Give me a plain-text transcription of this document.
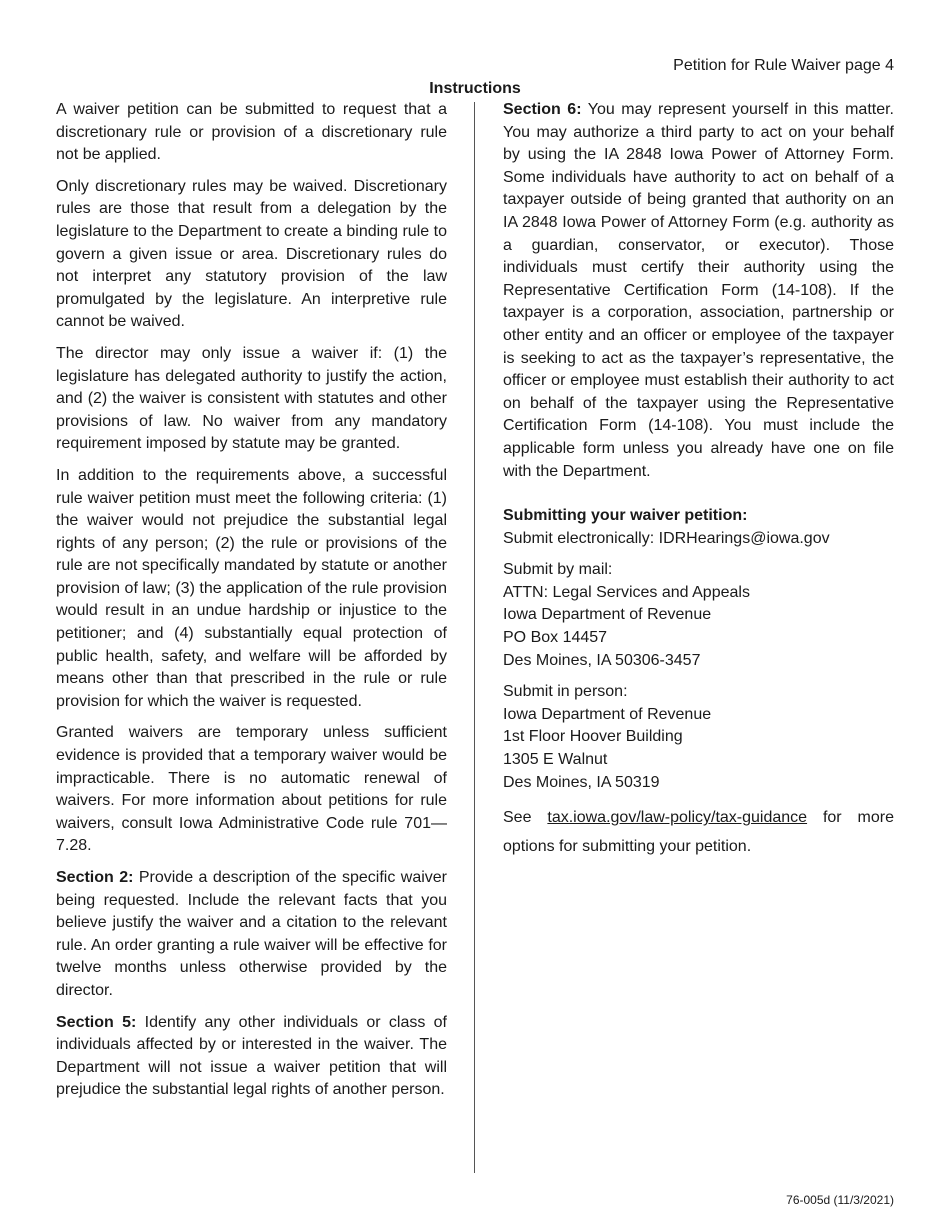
Petition for Rule Waiver page 4
Instructions

A waiver petition can be submitted to request that a discretionary rule or provision of a discretionary rule not be applied.

Only discretionary rules may be waived. Discretionary rules are those that result from a delegation by the legislature to the Department to create a binding rule to govern a given issue or area. Discretionary rules do not interpret any statutory provision of the law promulgated by the legislature. An interpretive rule cannot be waived.

The director may only issue a waiver if: (1) the legislature has delegated authority to justify the action, and (2) the waiver is consistent with statutes and other provisions of law. No waiver from any mandatory requirement imposed by statute may be granted.

In addition to the requirements above, a successful rule waiver petition must meet the following criteria: (1) the waiver would not prejudice the substantial legal rights of any person; (2) the rule or provisions of the rule are not specifically mandated by statute or another provision of law; (3) the application of the rule provision would result in an undue hardship or injustice to the petitioner; and (4) substantially equal protection of public health, safety, and welfare will be afforded by means other than that prescribed in the rule or rule provision for which the waiver is requested.

Granted waivers are temporary unless sufficient evidence is provided that a temporary waiver would be impracticable. There is no automatic renewal of waivers. For more information about petitions for rule waivers, consult Iowa Administrative Code rule 701—7.28.

Section 2: Provide a description of the specific waiver being requested. Include the relevant facts that you believe justify the waiver and a citation to the relevant rule. An order granting a rule waiver will be effective for twelve months unless otherwise provided by the director.

Section 5: Identify any other individuals or class of individuals affected by or interested in the waiver. The Department will not issue a waiver petition that will prejudice the substantial legal rights of another person.

Section 6: You may represent yourself in this matter. You may authorize a third party to act on your behalf by using the IA 2848 Iowa Power of Attorney Form. Some individuals have authority to act on behalf of a taxpayer outside of being granted that authority on an IA 2848 Iowa Power of Attorney Form (e.g. authority as a guardian, conservator, or executor). Those individuals must certify their authority using the Representative Certification Form (14-108). If the taxpayer is a corporation, association, partnership or other entity and an officer or employee of the taxpayer is seeking to act as the taxpayer’s representative, the officer or employee must establish their authority to act on behalf of the taxpayer using the Representative Certification Form (14-108). You must include the applicable form unless you already have one on file with the Department.

Submitting your waiver petition:

Submit electronically: IDRHearings@iowa.gov

Submit by mail:
ATTN: Legal Services and Appeals
Iowa Department of Revenue
PO Box 14457
Des Moines, IA 50306-3457
Submit in person:
Iowa Department of Revenue
1st Floor Hoover Building
1305 E Walnut
Des Moines, IA 50319

See tax.iowa.gov/law-policy/tax-guidance for more options for submitting your petition.

76-005d (11/3/2021)
